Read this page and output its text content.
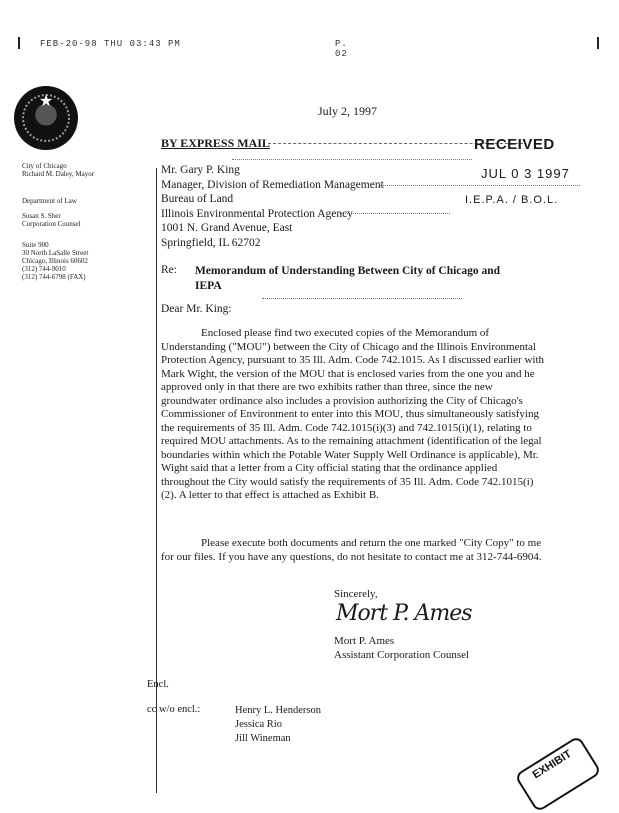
FEB-20-98 THU 03:43 PM	P. 02
★
City of Chicago
Richard M. Daley, Mayor
Department of Law
Susan S. Sher
Corporation Counsel
Suite 900
30 North LaSalle Street
Chicago, Illinois 60602
(312) 744-9010
(312) 744-6798 (FAX)
July 2, 1997
BY EXPRESS MAIL	RECEIVED
JUL 0 3 1997
I.E.P.A. / B.O.L.
Mr. Gary P. King
Manager, Division of Remediation Management
Bureau of Land
Illinois Environmental Protection Agency
1001 N. Grand Avenue, East
Springfield, IL 62702
Re: Memorandum of Understanding Between City of Chicago and IEPA
Dear Mr. King:

Enclosed please find two executed copies of the Memorandum of Understanding ("MOU") between the City of Chicago and the Illinois Environmental Protection Agency, pursuant to 35 Ill. Adm. Code 742.1015. As I discussed earlier with Mark Wight, the version of the MOU that is enclosed varies from the one you and he approved only in that there are two exhibits rather than three, since the new groundwater ordinance also includes a provision authorizing the City of Chicago's Commissioner of Environment to enter into this MOU, thus simultaneously satisfying the requirements of 35 Ill. Adm. Code 742.1015(i)(3) and 742.1015(i)(1), relating to required MOU attachments. As to the remaining attachment (identification of the legal boundaries within which the Potable Water Supply Well Ordinance is applicable), Mr. Wight said that a letter from a City official stating that the ordinance applied throughout the City would satisfy the requirements of 35 Ill. Adm. Code 742.1015(i)(2). A letter to that effect is attached as Exhibit B.

Please execute both documents and return the one marked "City Copy" to me for our files. If you have any questions, do not hesitate to contact me at 312-744-6904.

Sincerely,
Mort P. Ames
Mort P. Ames
Assistant Corporation Counsel
Encl.
cc w/o encl.:	Henry L. Henderson
Jessica Rio
Jill Wineman
EXHIBIT
